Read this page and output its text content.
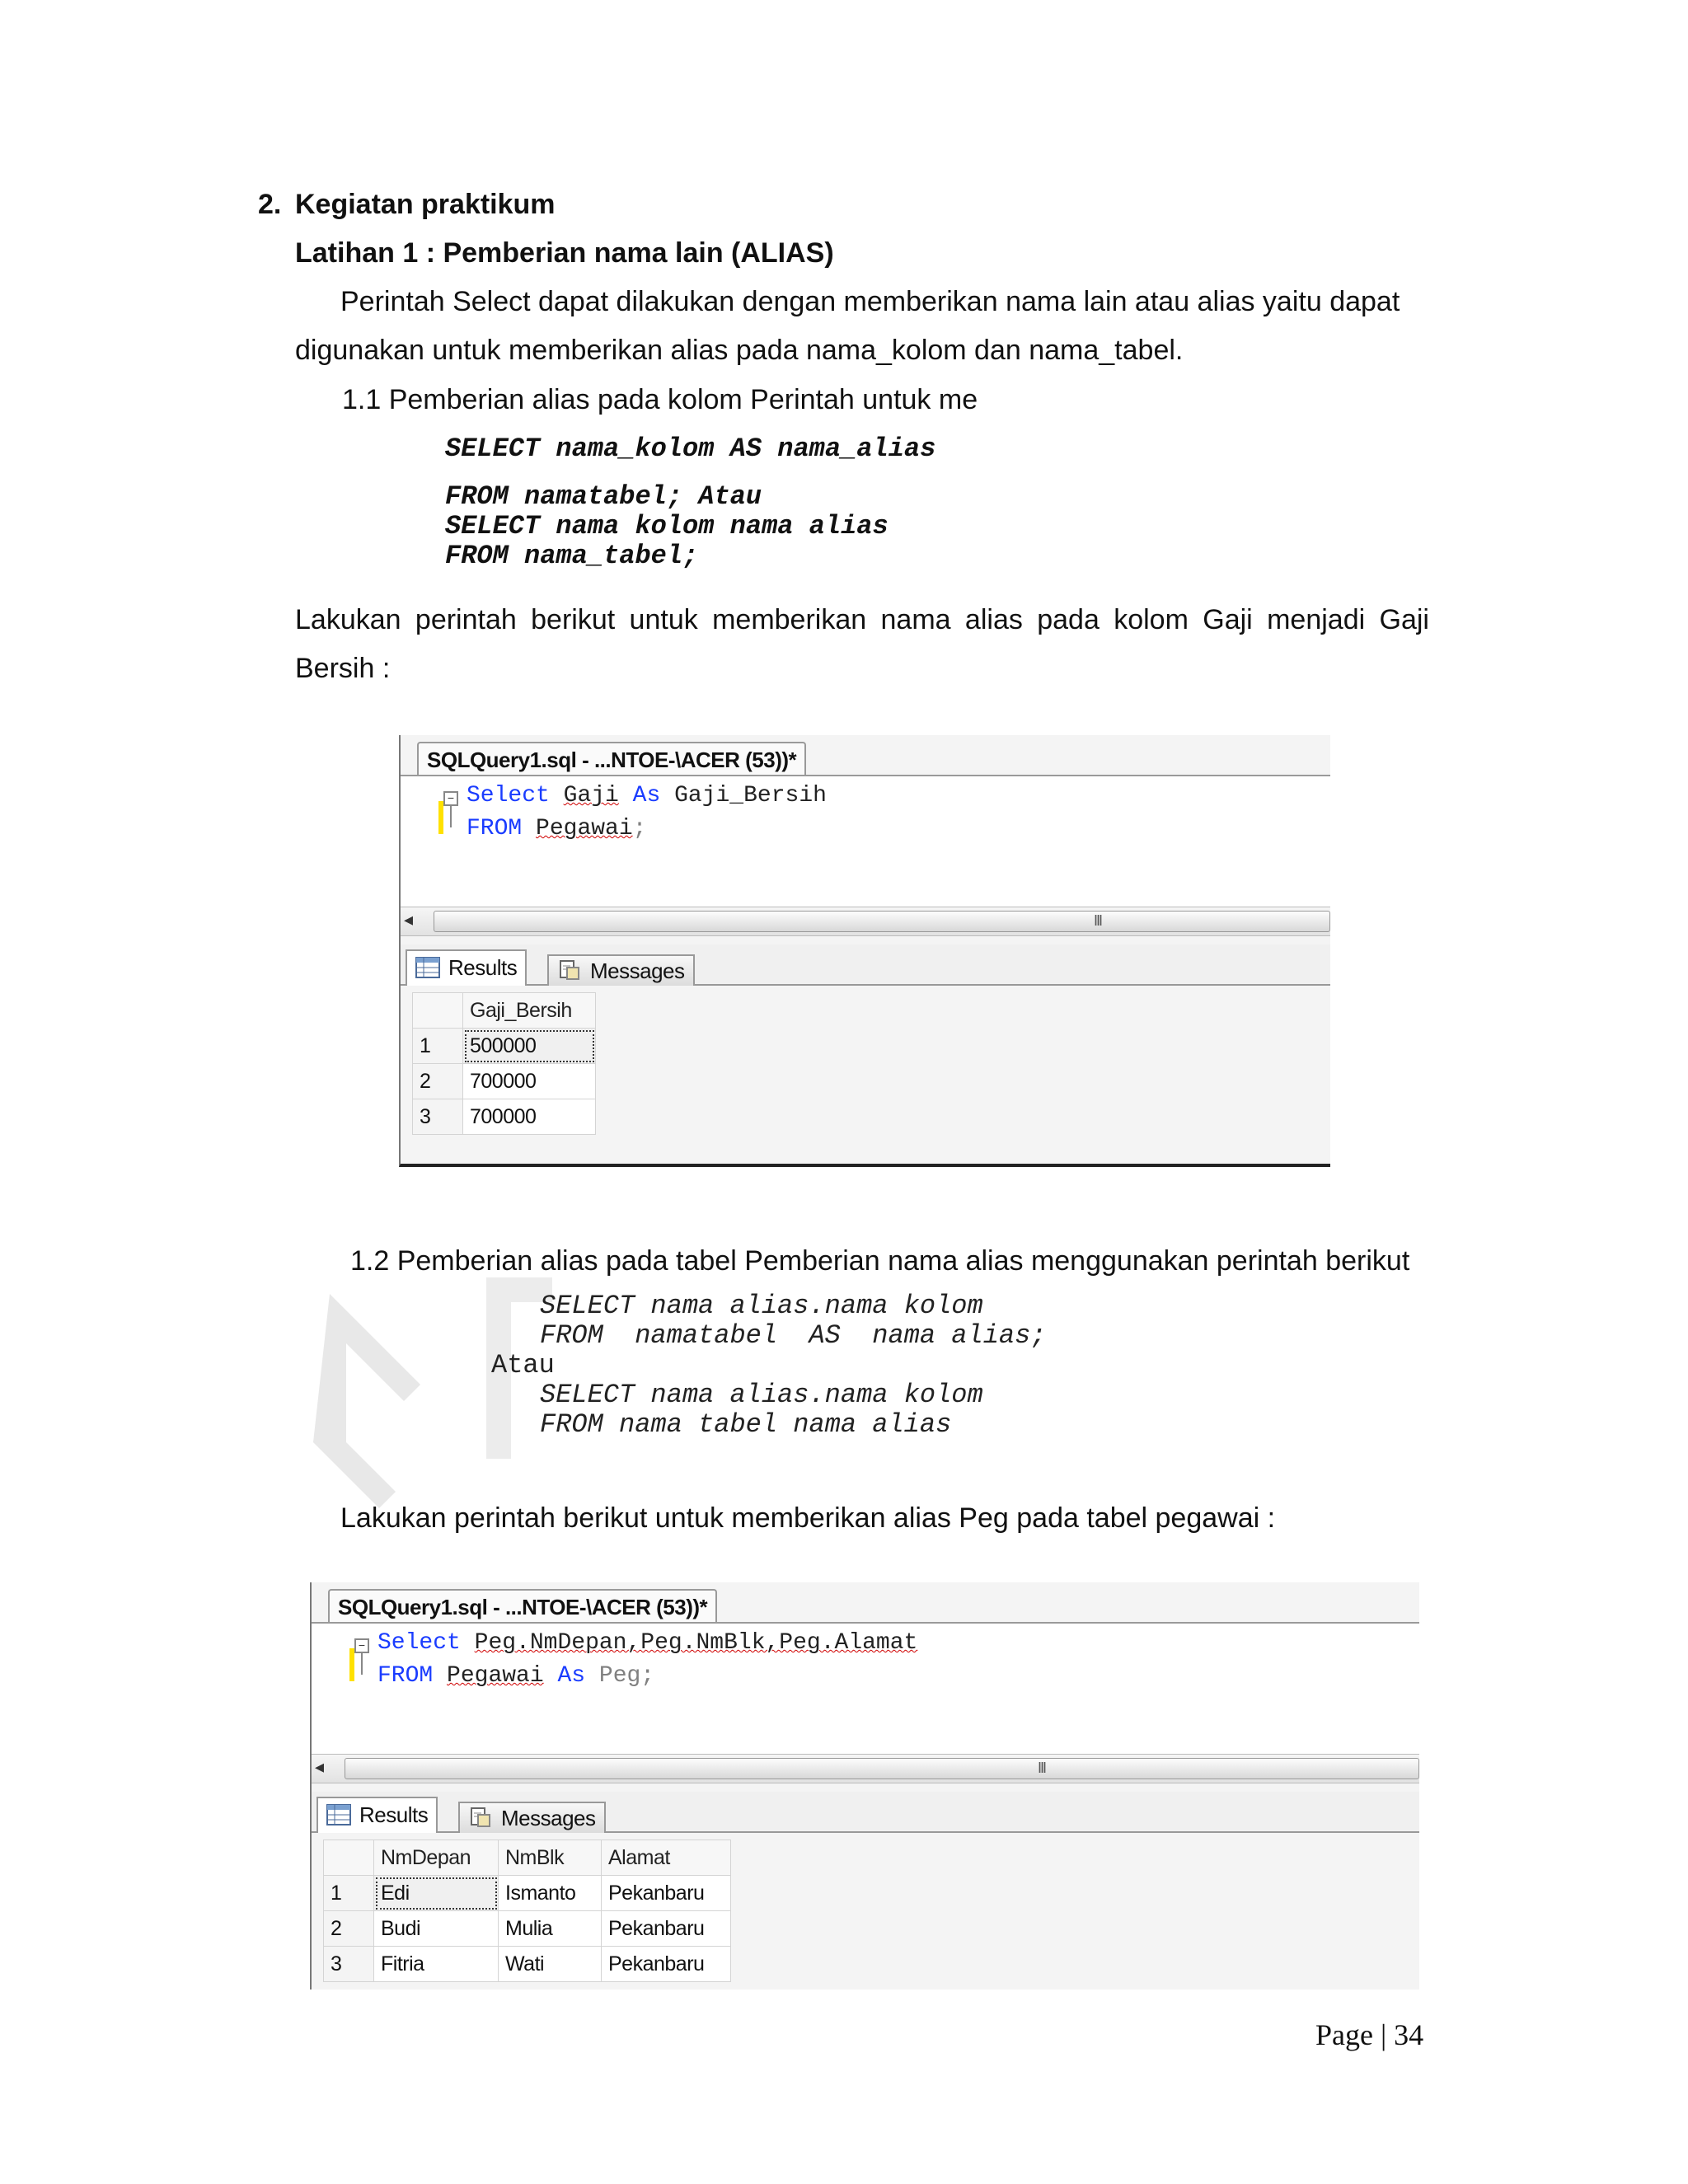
2. Kegiatan praktikum
Latihan 1 : Pemberian nama lain (ALIAS)
Perintah Select dapat dilakukan dengan memberikan nama lain atau alias yaitu dapat
digunakan untuk memberikan alias pada nama_kolom dan nama_tabel.
1.1 Pemberian alias pada kolom Perintah untuk me
SELECT nama_kolom AS nama_alias
FROM namatabel; Atau
SELECT nama kolom nama alias
FROM nama_tabel;
Lakukan perintah berikut untuk memberikan nama alias pada kolom Gaji menjadi Gaji
Bersih :
SQLQuery1.sql - ...NTOE-\ACER (53))*
− Select Gaji As Gaji_Bersih
FROM Pegawai;
◂	III
Results	Messages
	Gaji_Bersih
1	500000
2	700000
3	700000
1.2 Pemberian alias pada tabel Pemberian nama alias menggunakan perintah berikut
SELECT nama alias.nama kolom
FROM  namatabel  AS  nama alias;
Atau
SELECT nama alias.nama kolom
FROM nama tabel nama alias
Lakukan perintah berikut untuk memberikan alias Peg pada tabel pegawai :
SQLQuery1.sql - ...NTOE-\ACER (53))*
− Select Peg.NmDepan,Peg.NmBlk,Peg.Alamat
FROM Pegawai As Peg;
◂	III
Results	Messages
	NmDepan	NmBlk	Alamat
1	Edi	Ismanto	Pekanbaru
2	Budi	Mulia	Pekanbaru
3	Fitria	Wati	Pekanbaru
Page | 34
